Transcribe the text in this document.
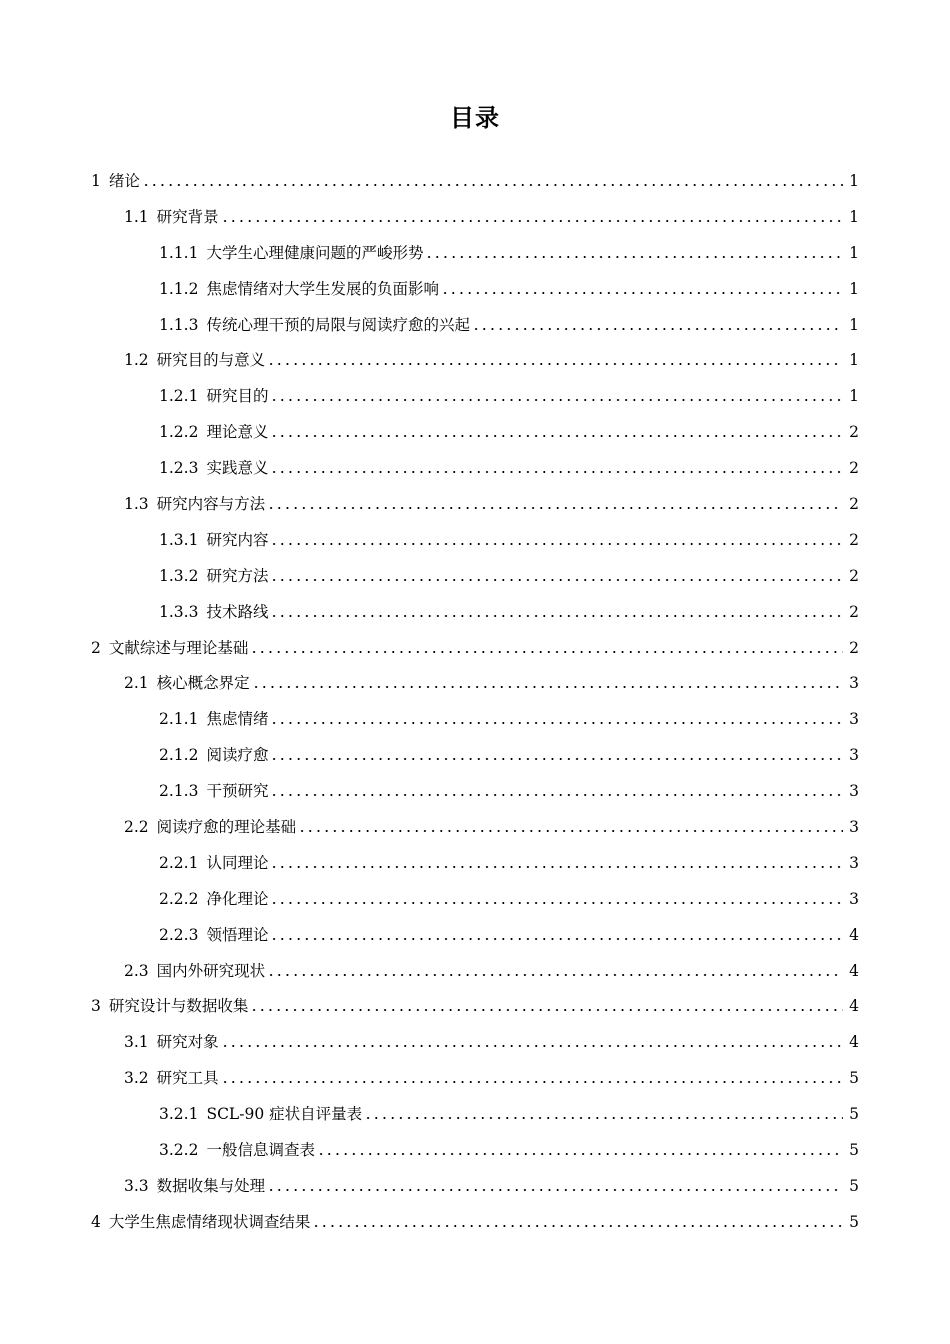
目录
1 绪论	1
1.1 研究背景	1
1.1.1 大学生心理健康问题的严峻形势	1
1.1.2 焦虑情绪对大学生发展的负面影响	1
1.1.3 传统心理干预的局限与阅读疗愈的兴起	1
1.2 研究目的与意义	1
1.2.1 研究目的	1
1.2.2 理论意义	2
1.2.3 实践意义	2
1.3 研究内容与方法	2
1.3.1 研究内容	2
1.3.2 研究方法	2
1.3.3 技术路线	2
2 文献综述与理论基础	2
2.1 核心概念界定	3
2.1.1 焦虑情绪	3
2.1.2 阅读疗愈	3
2.1.3 干预研究	3
2.2 阅读疗愈的理论基础	3
2.2.1 认同理论	3
2.2.2 净化理论	3
2.2.3 领悟理论	4
2.3 国内外研究现状	4
3 研究设计与数据收集	4
3.1 研究对象	4
3.2 研究工具	5
3.2.1 SCL-90 症状自评量表	5
3.2.2 一般信息调查表	5
3.3 数据收集与处理	5
4 大学生焦虑情绪现状调查结果	5
